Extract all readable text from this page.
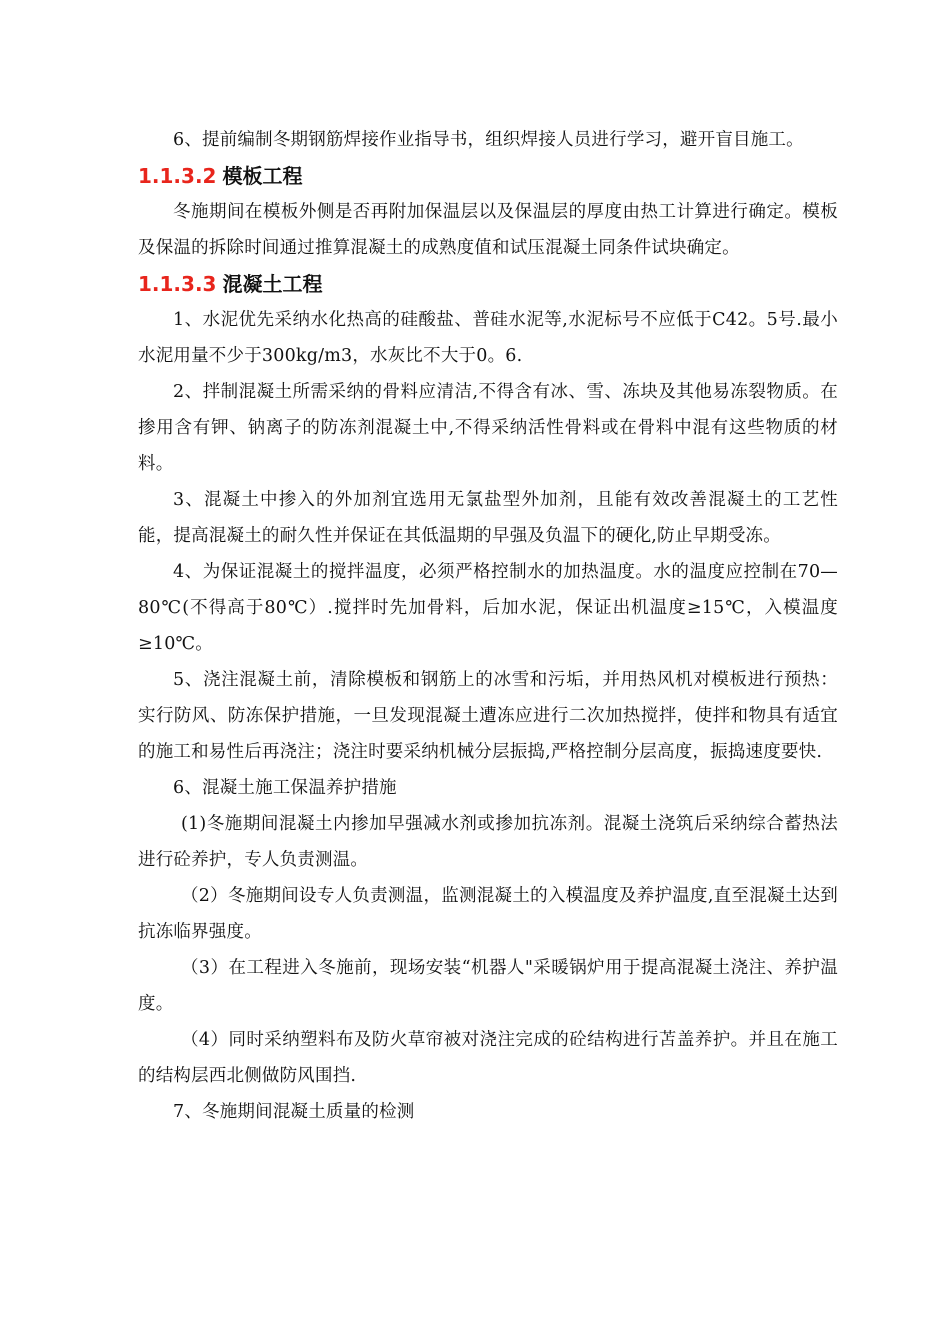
6、提前编制冬期钢筋焊接作业指导书，组织焊接人员进行学习，避开盲目施工。

1.1.3.2 模板工程

冬施期间在模板外侧是否再附加保温层以及保温层的厚度由热工计算进行确定。模板及保温的拆除时间通过推算混凝土的成熟度值和试压混凝土同条件试块确定。

1.1.3.3 混凝土工程

1、水泥优先采纳水化热高的硅酸盐、普硅水泥等,水泥标号不应低于C42。5号.最小水泥用量不少于300kg/m3，水灰比不大于0。6.

2、拌制混凝土所需采纳的骨料应清洁,不得含有冰、雪、冻块及其他易冻裂物质。在掺用含有钾、钠离子的防冻剂混凝土中,不得采纳活性骨料或在骨料中混有这些物质的材料。

3、混凝土中掺入的外加剂宜选用无氯盐型外加剂，且能有效改善混凝土的工艺性能，提高混凝土的耐久性并保证在其低温期的早强及负温下的硬化,防止早期受冻。

4、为保证混凝土的搅拌温度，必须严格控制水的加热温度。水的温度应控制在70—80℃(不得高于80℃）.搅拌时先加骨料，后加水泥，保证出机温度≥15℃，入模温度≥10℃。

5、浇注混凝土前，清除模板和钢筋上的冰雪和污垢，并用热风机对模板进行预热：实行防风、防冻保护措施，一旦发现混凝土遭冻应进行二次加热搅拌，使拌和物具有适宜的施工和易性后再浇注；浇注时要采纳机械分层振捣,严格控制分层高度，振捣速度要快.

6、混凝土施工保温养护措施

(1)冬施期间混凝土内掺加早强减水剂或掺加抗冻剂。混凝土浇筑后采纳综合蓄热法进行砼养护，专人负责测温。

（2）冬施期间设专人负责测温，监测混凝土的入模温度及养护温度,直至混凝土达到抗冻临界强度。

（3）在工程进入冬施前，现场安装“机器人"采暖锅炉用于提高混凝土浇注、养护温度。

（4）同时采纳塑料布及防火草帘被对浇注完成的砼结构进行苫盖养护。并且在施工的结构层西北侧做防风围挡.

7、冬施期间混凝土质量的检测
